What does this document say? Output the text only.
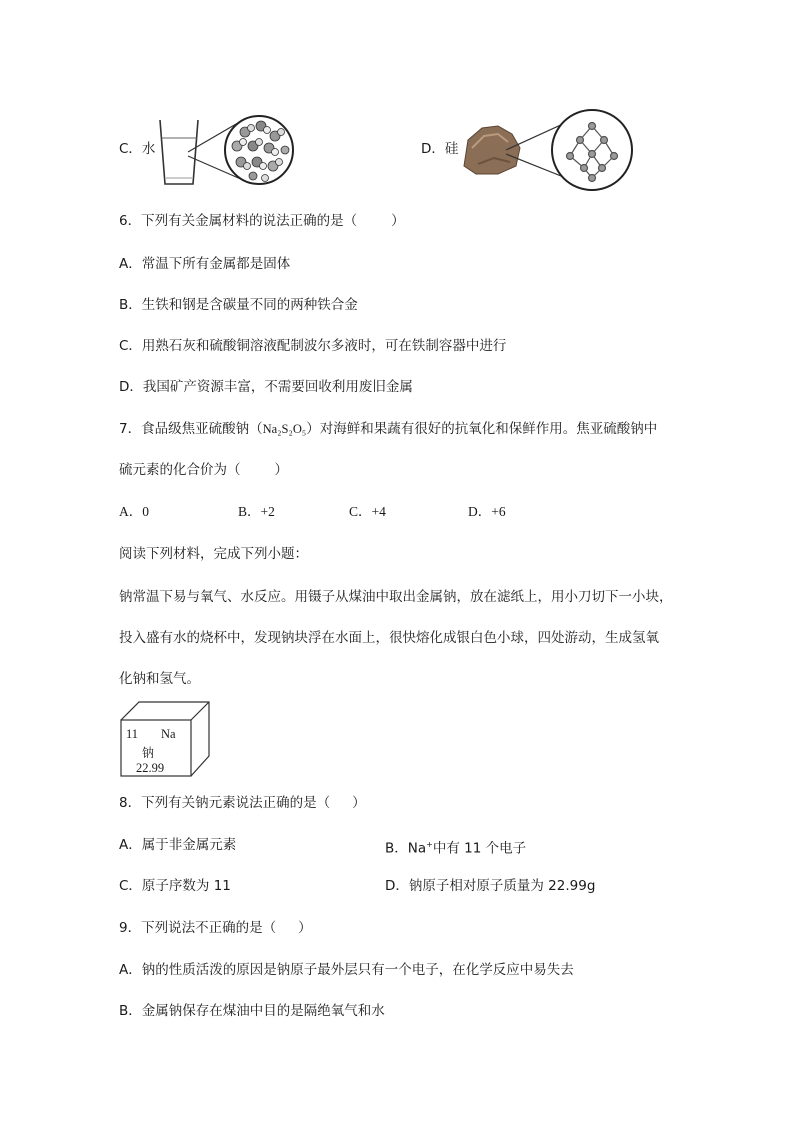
C．水	D．硅
6．下列有关金属材料的说法正确的是（	）
A．常温下所有金属都是固体
B．生铁和钢是含碳量不同的两种铁合金
C．用熟石灰和硫酸铜溶液配制波尔多液时，可在铁制容器中进行
D．我国矿产资源丰富，不需要回收利用废旧金属
7．食品级焦亚硫酸钠（Na₂S₂O₅）对海鲜和果蔬有很好的抗氧化和保鲜作用。焦亚硫酸钠中
硫元素的化合价为（	）
A．0	B．+2	C．+4	D．+6
阅读下列材料，完成下列小题：
钠常温下易与氧气、水反应。用镊子从煤油中取出金属钠，放在滤纸上，用小刀切下一小块，
投入盛有水的烧杯中，发现钠块浮在水面上，很快熔化成银白色小球，四处游动，生成氢氧
化钠和氢气。
11 Na
钠
22.99
8．下列有关钠元素说法正确的是（ ）
A．属于非金属元素	B．Na+中有 11 个电子
C．原子序数为 11	D．钠原子相对原子质量为 22.99g
9．下列说法不正确的是（ ）
A．钠的性质活泼的原因是钠原子最外层只有一个电子，在化学反应中易失去
B．金属钠保存在煤油中目的是隔绝氧气和水
